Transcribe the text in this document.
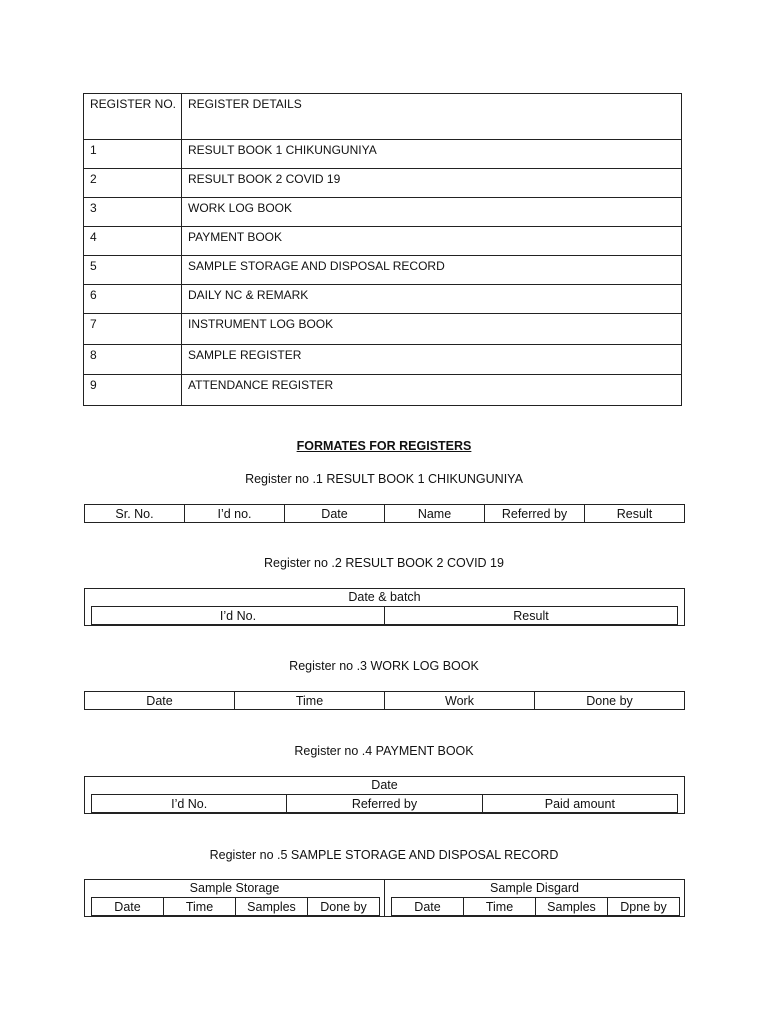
REGISTER NO.	REGISTER DETAILS

1	RESULT BOOK 1 CHIKUNGUNIYA

2	RESULT BOOK 2 COVID 19

3	WORK LOG BOOK

4	PAYMENT BOOK

5	SAMPLE STORAGE AND DISPOSAL RECORD

6	DAILY NC & REMARK

7	INSTRUMENT LOG BOOK

8	SAMPLE REGISTER

9	ATTENDANCE REGISTER
FORMATES FOR REGISTERS
Register no .1 RESULT BOOK 1 CHIKUNGUNIYA
Sr. No.	I’d no.	Date	Name	Referred by	Result
Register no .2 RESULT BOOK 2 COVID 19
Date & batch
I’d No.	Result
Register no .3 WORK LOG BOOK
Date	Time	Work	Done by
Register no .4 PAYMENT BOOK
Date
I’d No.	Referred by	Paid amount
Register no .5 SAMPLE STORAGE AND DISPOSAL RECORD
Sample Storage
Date	Time	Samples	Done by
Sample Disgard
Date	Time	Samples	Dpne by
